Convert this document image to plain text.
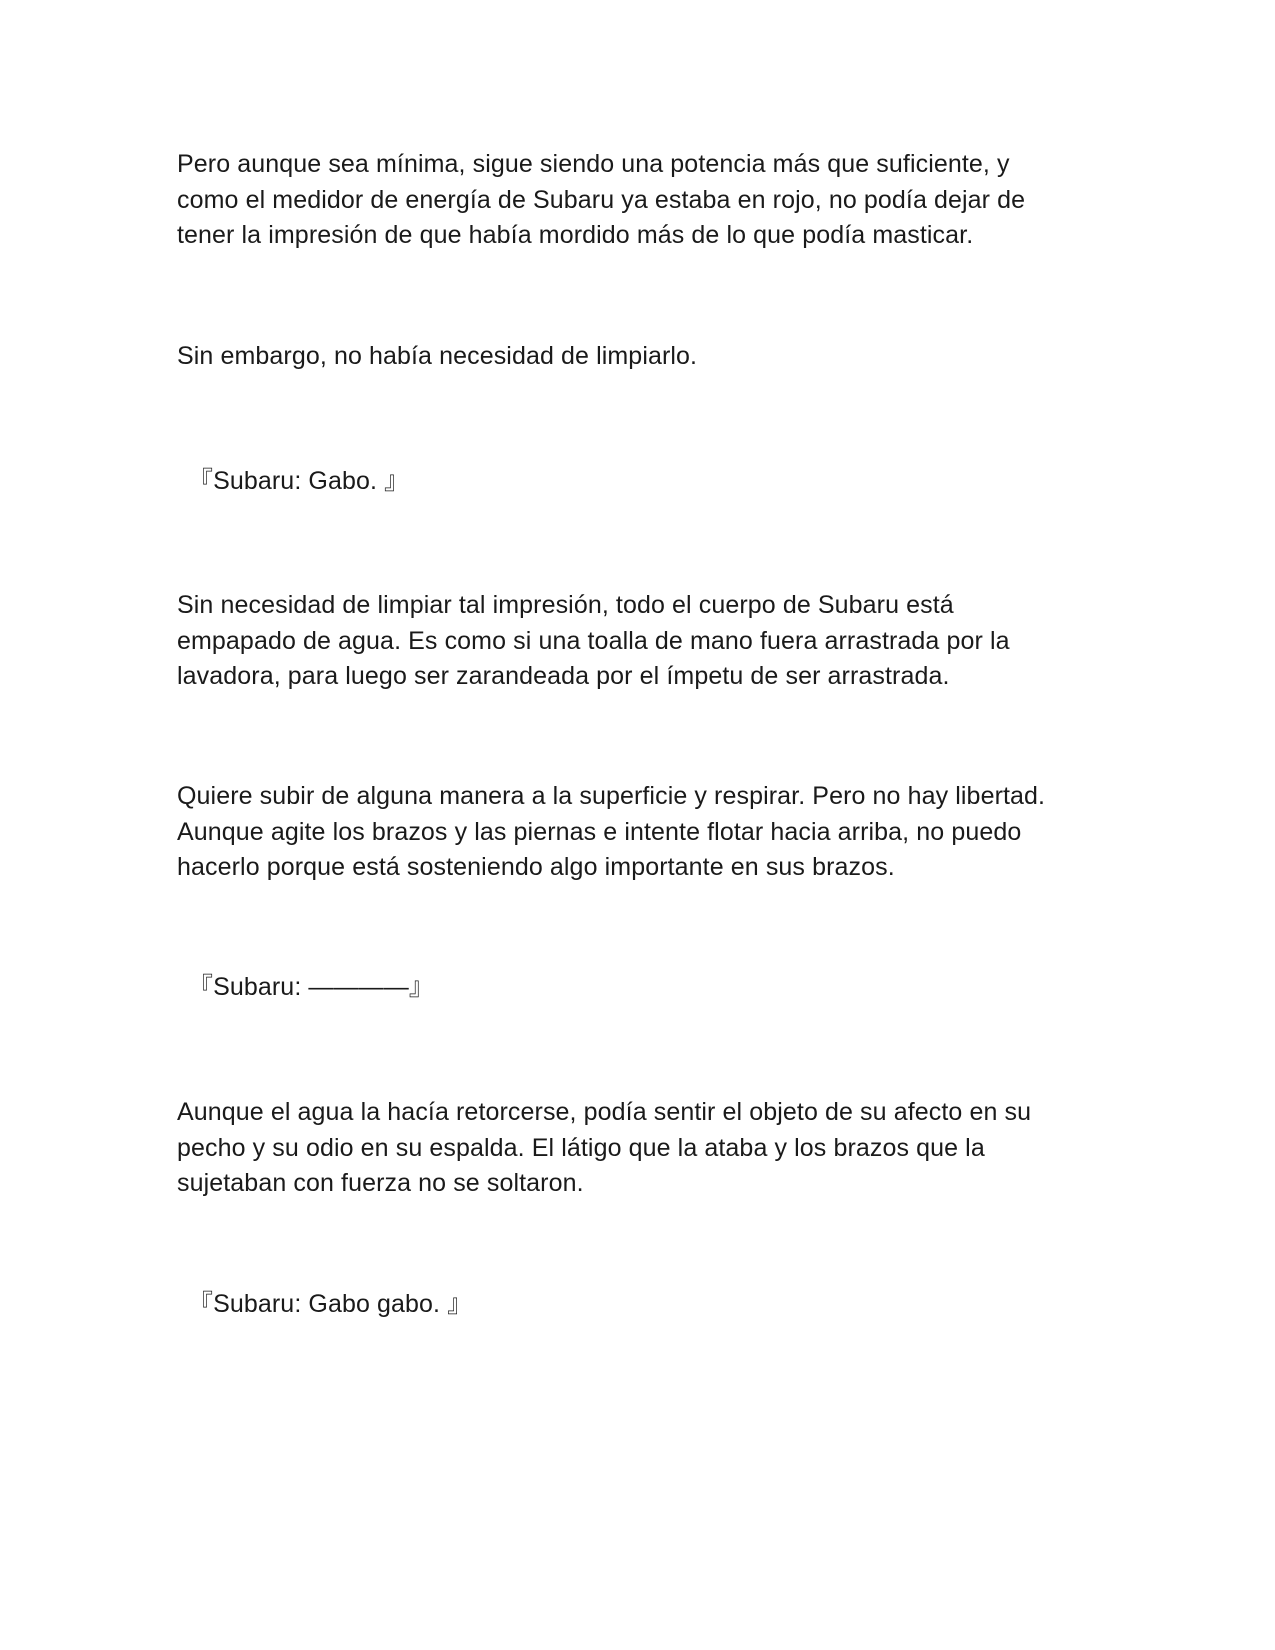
Pero aunque sea mínima, sigue siendo una potencia más que suficiente, y
como el medidor de energía de Subaru ya estaba en rojo, no podía dejar de
tener la impresión de que había mordido más de lo que podía masticar.

Sin embargo, no había necesidad de limpiarlo.

『Subaru: Gabo. 』

Sin necesidad de limpiar tal impresión, todo el cuerpo de Subaru está
empapado de agua. Es como si una toalla de mano fuera arrastrada por la
lavadora, para luego ser zarandeada por el ímpetu de ser arrastrada.

Quiere subir de alguna manera a la superficie y respirar. Pero no hay libertad.
Aunque agite los brazos y las piernas e intente flotar hacia arriba, no puedo
hacerlo porque está sosteniendo algo importante en sus brazos.

『Subaru: ————』

Aunque el agua la hacía retorcerse, podía sentir el objeto de su afecto en su
pecho y su odio en su espalda. El látigo que la ataba y los brazos que la
sujetaban con fuerza no se soltaron.

『Subaru: Gabo gabo. 』
